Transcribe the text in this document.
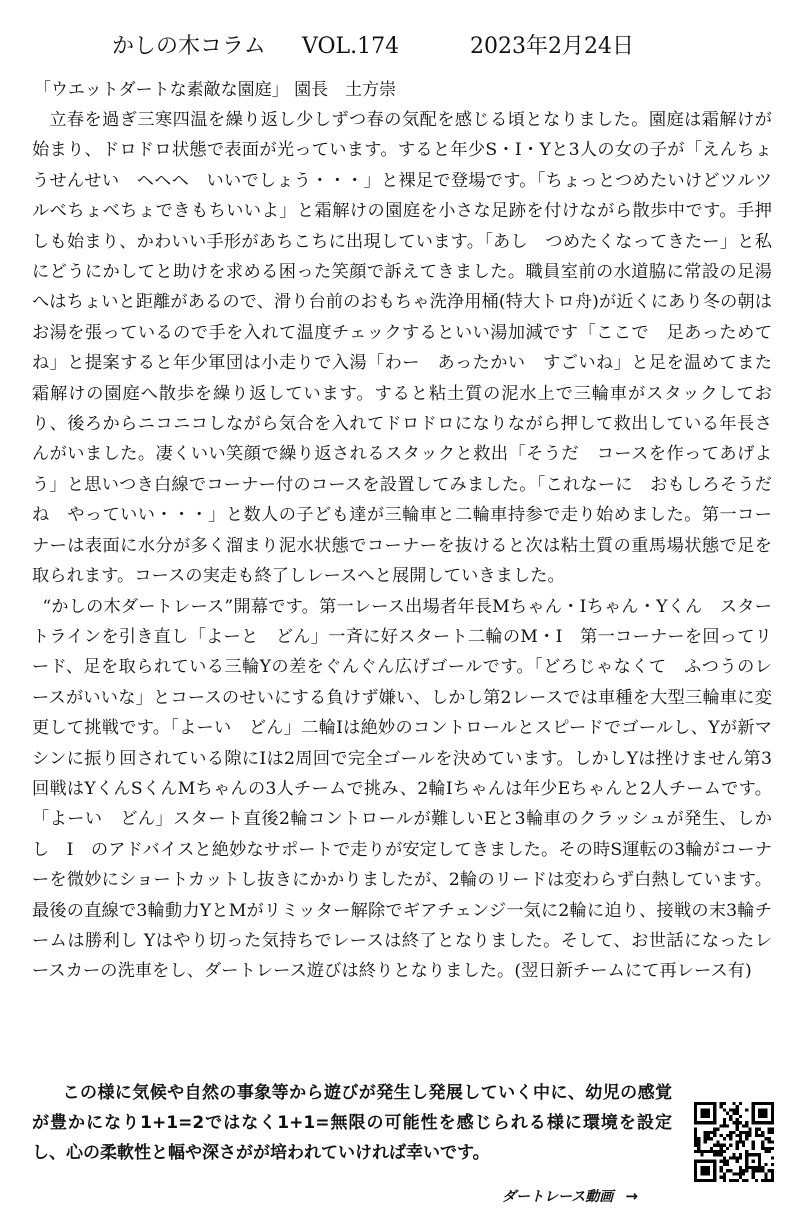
かしの木コラム VOL.174	2023年2月24日
「ウエットダートな素敵な園庭」 園長　土方崇

立春を過ぎ三寒四温を繰り返し少しずつ春の気配を感じる頃となりました。園庭は霜解けが始まり、ドロドロ状態で表面が光っています。すると年少S・I・Yと3人の女の子が「えんちょうせんせい　ヘヘヘ　いいでしょう・・・」と裸足で登場です。「ちょっとつめたいけどツルツルべちょべちょできもちいいよ」と霜解けの園庭を小さな足跡を付けながら散歩中です。手押しも始まり、かわいい手形があちこちに出現しています。「あし　つめたくなってきたー」と私にどうにかしてと助けを求める困った笑顔で訴えてきました。職員室前の水道脇に常設の足湯へはちょいと距離があるので、滑り台前のおもちゃ洗浄用桶(特大トロ舟)が近くにあり冬の朝はお湯を張っているので手を入れて温度チェックするといい湯加減です「ここで　足あっためてね」と提案すると年少軍団は小走りで入湯「わー　あったかい　すごいね」と足を温めてまた霜解けの園庭へ散歩を繰り返しています。すると粘土質の泥水上で三輪車がスタックしており、後ろからニコニコしながら気合を入れてドロドロになりながら押して救出している年長さんがいました。凄くいい笑顔で繰り返されるスタックと救出「そうだ　コースを作ってあげよう」と思いつき白線でコーナー付のコースを設置してみました。「これなーに　おもしろそうだね　やっていい・・・」と数人の子ども達が三輪車と二輪車持参で走り始めました。第一コーナーは表面に水分が多く溜まり泥水状態でコーナーを抜けると次は粘土質の重馬場状態で足を取られます。コースの実走も終了しレースへと展開していきました。

“かしの木ダートレース”開幕です。第一レース出場者年長Mちゃん・Iちゃん・Yくん　スタートラインを引き直し「よーと　どん」一斉に好スタート二輪のM・I　第一コーナーを回ってリード、足を取られている三輪Yの差をぐんぐん広げゴールです。「どろじゃなくて　ふつうのレースがいいな」とコースのせいにする負けず嫌い、しかし第2レースでは車種を大型三輪車に変更して挑戦です。「よーい　どん」二輪Iは絶妙のコントロールとスピードでゴールし、Yが新マシンに振り回されている隙にIは2周回で完全ゴールを決めています。しかしYは挫けません第3回戦はYくんSくんMちゃんの3人チームで挑み、2輪Iちゃんは年少Eちゃんと2人チームです。「よーい　どん」スタート直後2輪コントロールが難しいEと3輪車のクラッシュが発生、しかし　I　のアドバイスと絶妙なサポートで走りが安定してきました。その時S運転の3輪がコーナーを微妙にショートカットし抜きにかかりましたが、2輪のリードは変わらず白熱しています。最後の直線で3輪動力YとMがリミッター解除でギアチェンジ一気に2輪に迫り、接戦の末3輪チームは勝利し Yはやり切った気持ちでレースは終了となりました。そして、お世話になったレースカーの洗車をし、ダートレース遊びは終りとなりました。(翌日新チームにて再レース有)

この様に気候や自然の事象等から遊びが発生し発展していく中に、幼児の感覚が豊かになり1+1=2ではなく1+1=無限の可能性を感じられる様に環境を設定し、心の柔軟性と幅や深さがが培われていければ幸いです。
ダートレース動画 →
